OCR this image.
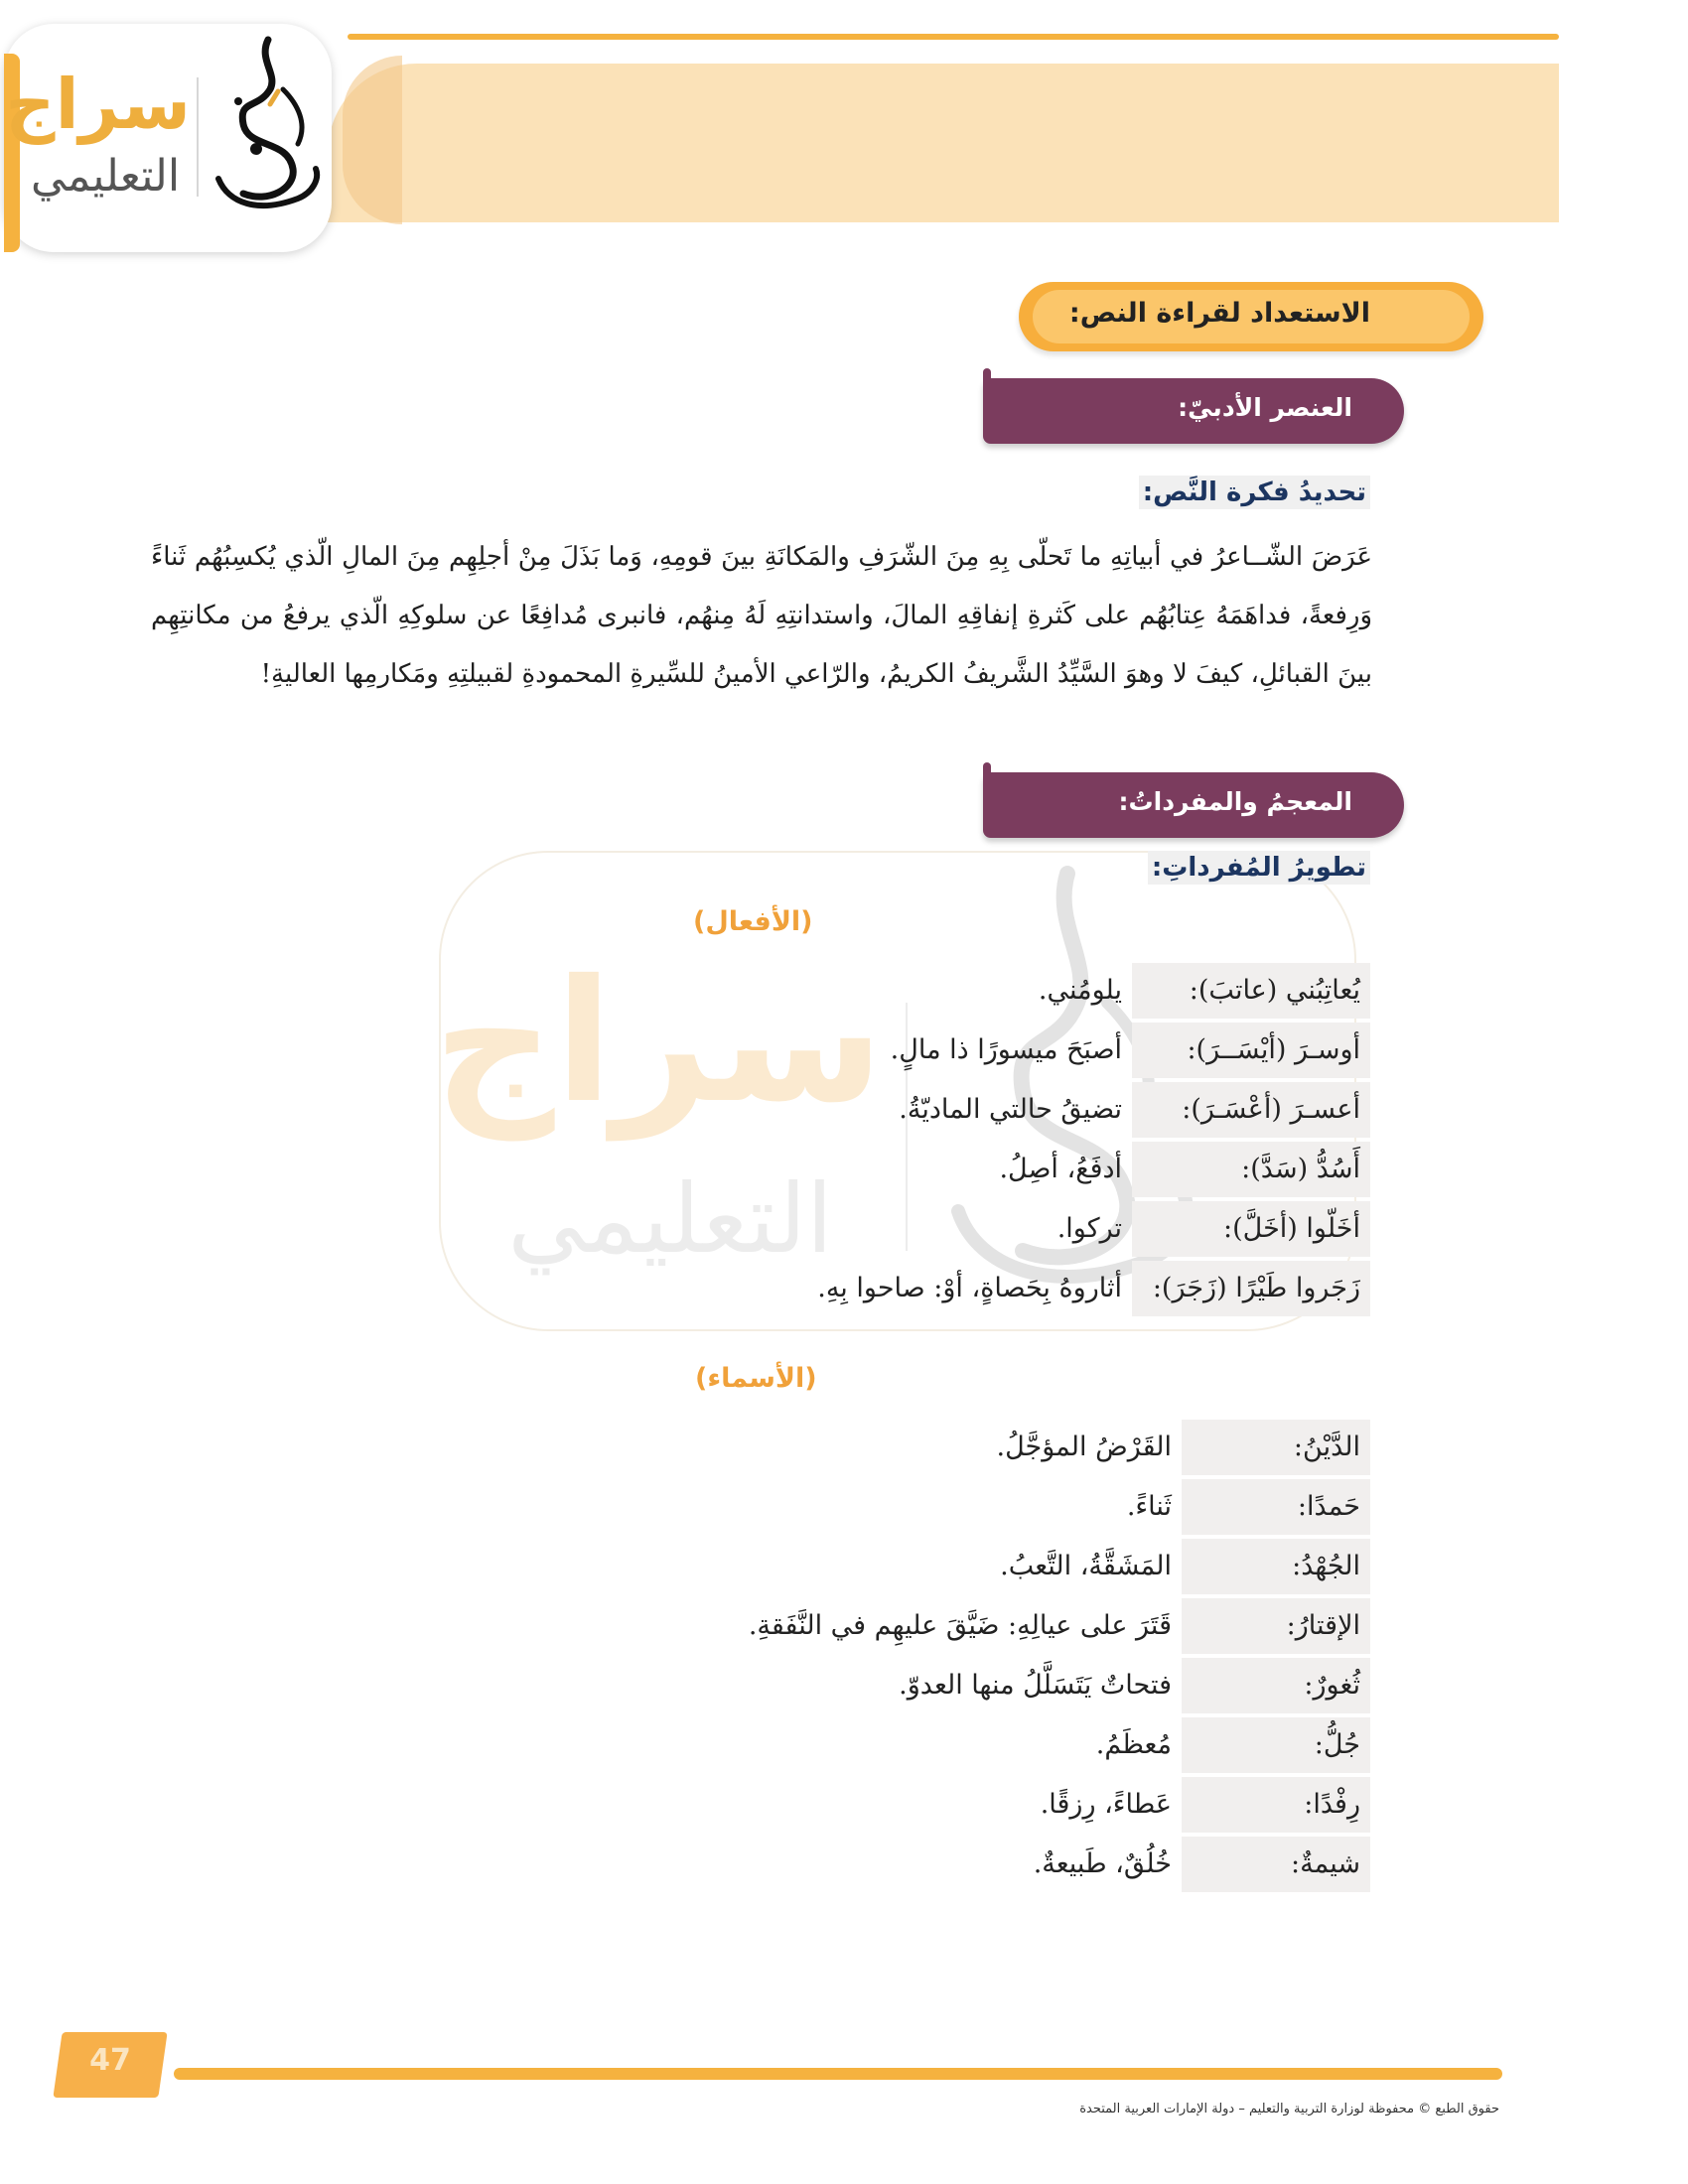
سراج
التعليمي
سراج
التعليمي
الاستعداد لقراءة النص:
العنصر الأدبيّ:
تحديدُ فكرة النَّص:
عَرَضَ الشّــاعرُ في أبياتِهِ ما تَحلّى بِهِ مِنَ الشّرَفِ والمَكانَةِ بينَ قومِهِ، وَما بَذَلَ مِنْ أجلِهِم مِنَ المالِ الّذي يُكسِبُهُم ثَناءً وَرِفعةً، فداهَمَهُ عِتابُهُم على كَثرةِ إنفاقِهِ المالَ، واستدانتِهِ لَهُ مِنهُم، فانبرى مُدافِعًا عن سلوكِهِ الّذي يرفعُ من مكانتِهِم بينَ القبائلِ، كيفَ لا وهوَ السَّيِّدُ الشَّريفُ الكريمُ، والرّاعي الأمينُ للسِّيرةِ المحمودةِ لقبيلتِهِ ومَكارمِها العاليةِ!
المعجمُ والمفرداتُ:
تطويرُ المُفرداتِ:
(الأفعال)
يُعاتِبُني (عاتبَ):
يلومُني.
أوسـرَ (أيْسَــرَ):
أصبَحَ ميسورًا ذا مالٍ.
أعسـرَ (أعْسَـرَ):
تضيقُ حالتي الماديّةُ.
أَسُدُّ (سَدَّ):
أدفَعُ، أصِلُ.
أخَلّوا (أخَلَّ):
تركوا.
زَجَروا طَيْرًا (زَجَرَ):
أثاروهُ بِحَصاةٍ، أوْ: صاحوا بِهِ.
(الأسماء)
الدَّيْنُ:
القَرْضُ المؤجَّلُ.
حَمدًا:
ثَناءً.
الجُهْدُ:
المَشَقَّةُ، التَّعبُ.
الإقتارُ:
قَتَرَ على عيالِهِ: ضَيَّقَ عليهِم في النَّفَقةِ.
ثُغورٌ:
فتحاتٌ يَتَسَلَّلُ منها العدوّ.
جُلُّ:
مُعظَمُ.
رِفْدًا:
عَطاءً، رِزقًا.
شيمةٌ:
خُلُقٌ، طَبيعةٌ.
47
حقوق الطبع © محفوظة لوزارة التربية والتعليم – دولة الإمارات العربية المتحدة
